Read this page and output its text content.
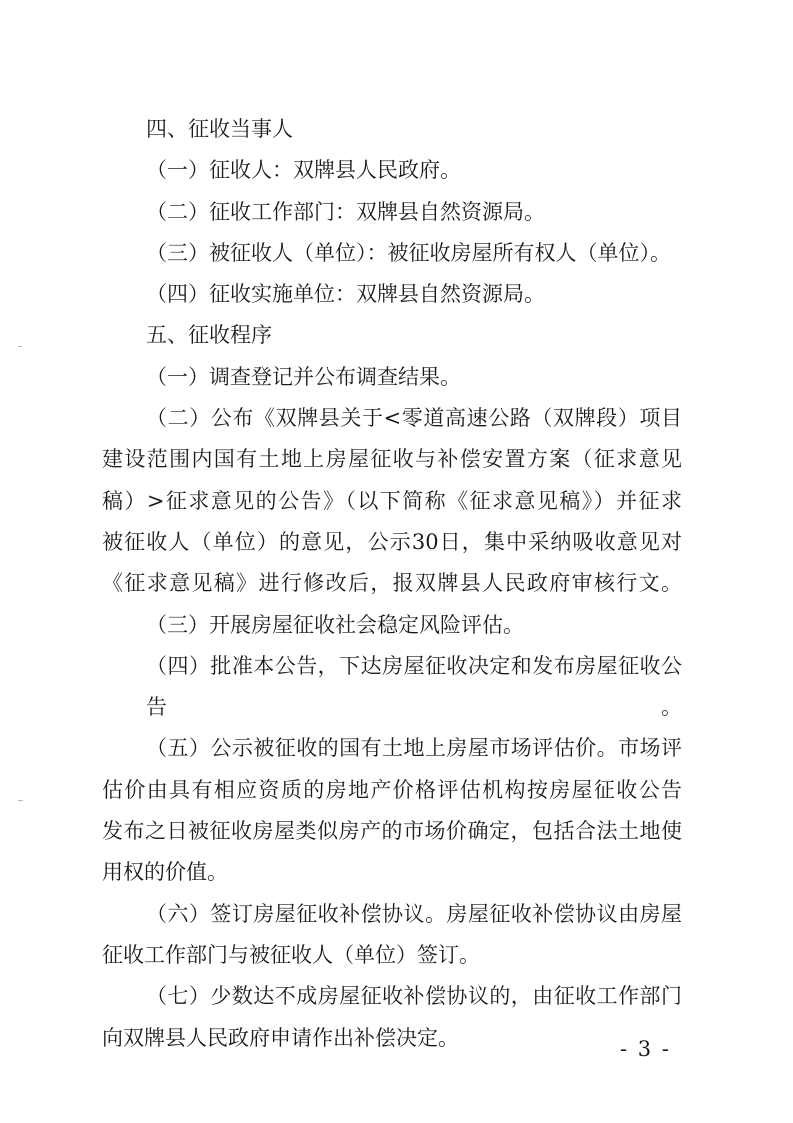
四、征收当事人

（一）征收人：双牌县人民政府。

（二）征收工作部门：双牌县自然资源局。

（三）被征收人（单位）：被征收房屋所有权人（单位）。

（四）征收实施单位：双牌县自然资源局。

五、征收程序

（一）调查登记并公布调查结果。

（二）公布《双牌县关于<零道高速公路（双牌段）项目

建设范围内国有土地上房屋征收与补偿安置方案（征求意见

稿）>征求意见的公告》（以下简称《征求意见稿》）并征求

被征收人（单位）的意见，公示30日，集中采纳吸收意见对

《征求意见稿》进行修改后，报双牌县人民政府审核行文。

（三）开展房屋征收社会稳定风险评估。

（四）批准本公告，下达房屋征收决定和发布房屋征收公告。

（五）公示被征收的国有土地上房屋市场评估价。市场评

估价由具有相应资质的房地产价格评估机构按房屋征收公告

发布之日被征收房屋类似房产的市场价确定，包括合法土地使

用权的价值。

（六）签订房屋征收补偿协议。房屋征收补偿协议由房屋

征收工作部门与被征收人（单位）签订。

（七）少数达不成房屋征收补偿协议的，由征收工作部门

向双牌县人民政府申请作出补偿决定。	- 3 -
